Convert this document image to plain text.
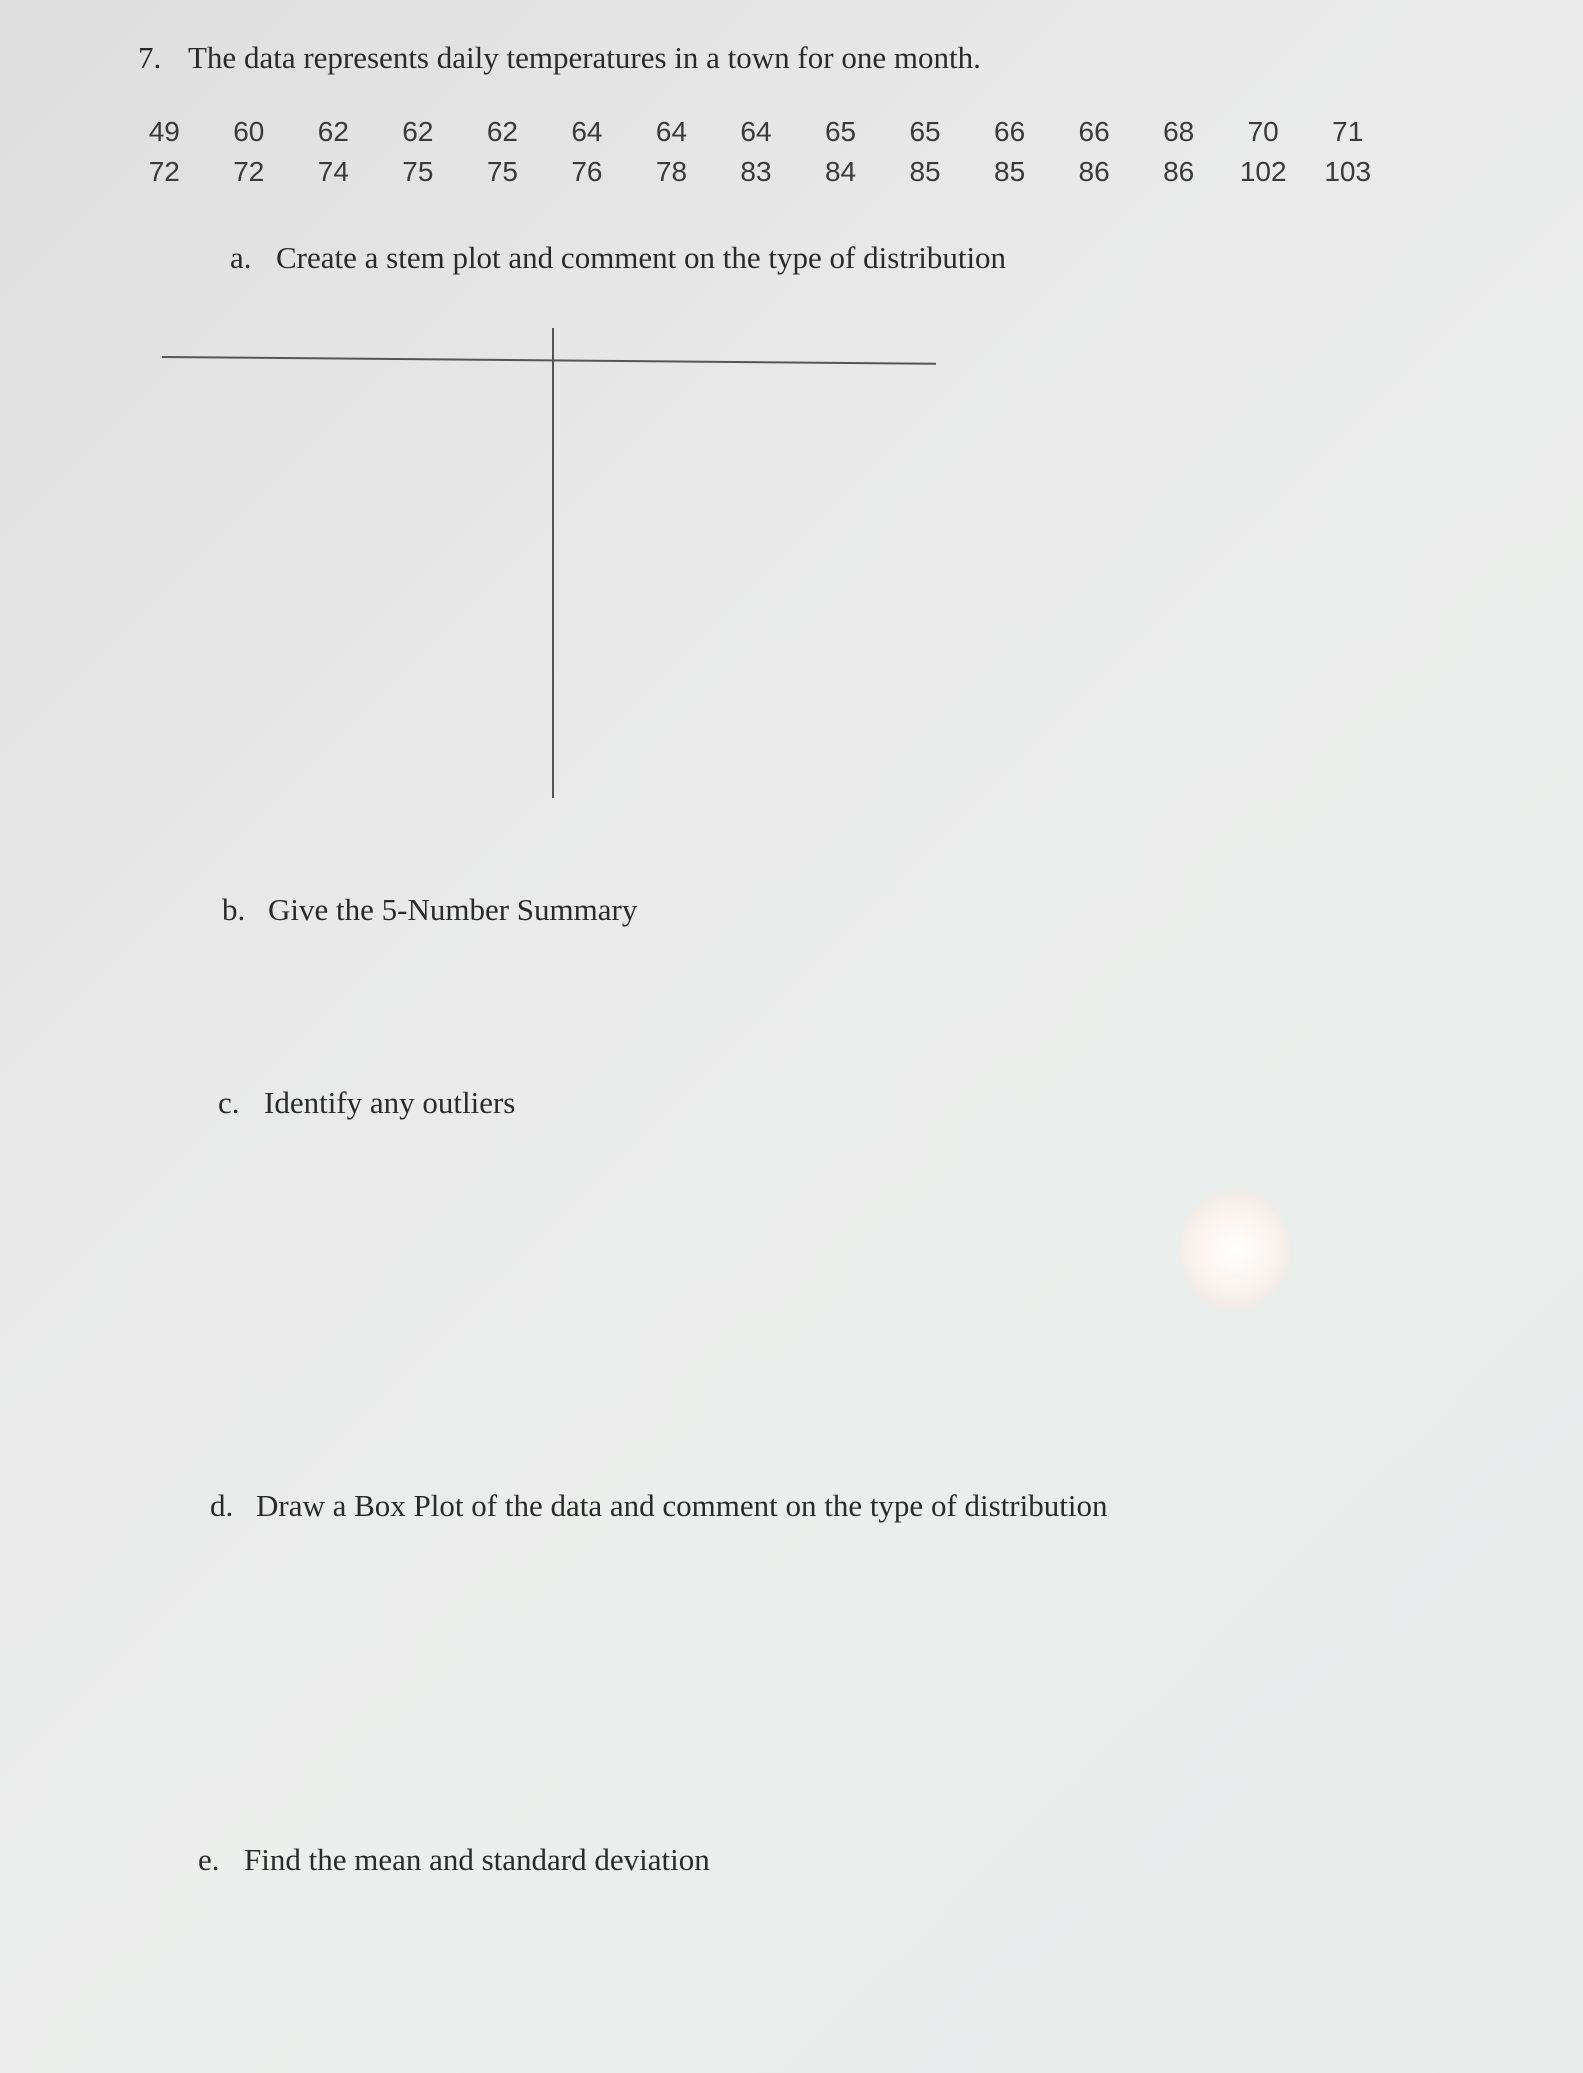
7. The data represents daily temperatures in a town for one month.
49	60	62	62	62	64	64	64	65	65	66	66	68	70	71
72	72	74	75	75	76	78	83	84	85	85	86	86	102	103
a. Create a stem plot and comment on the type of distribution
b. Give the 5-Number Summary
c. Identify any outliers
d. Draw a Box Plot of the data and comment on the type of distribution
e. Find the mean and standard deviation
